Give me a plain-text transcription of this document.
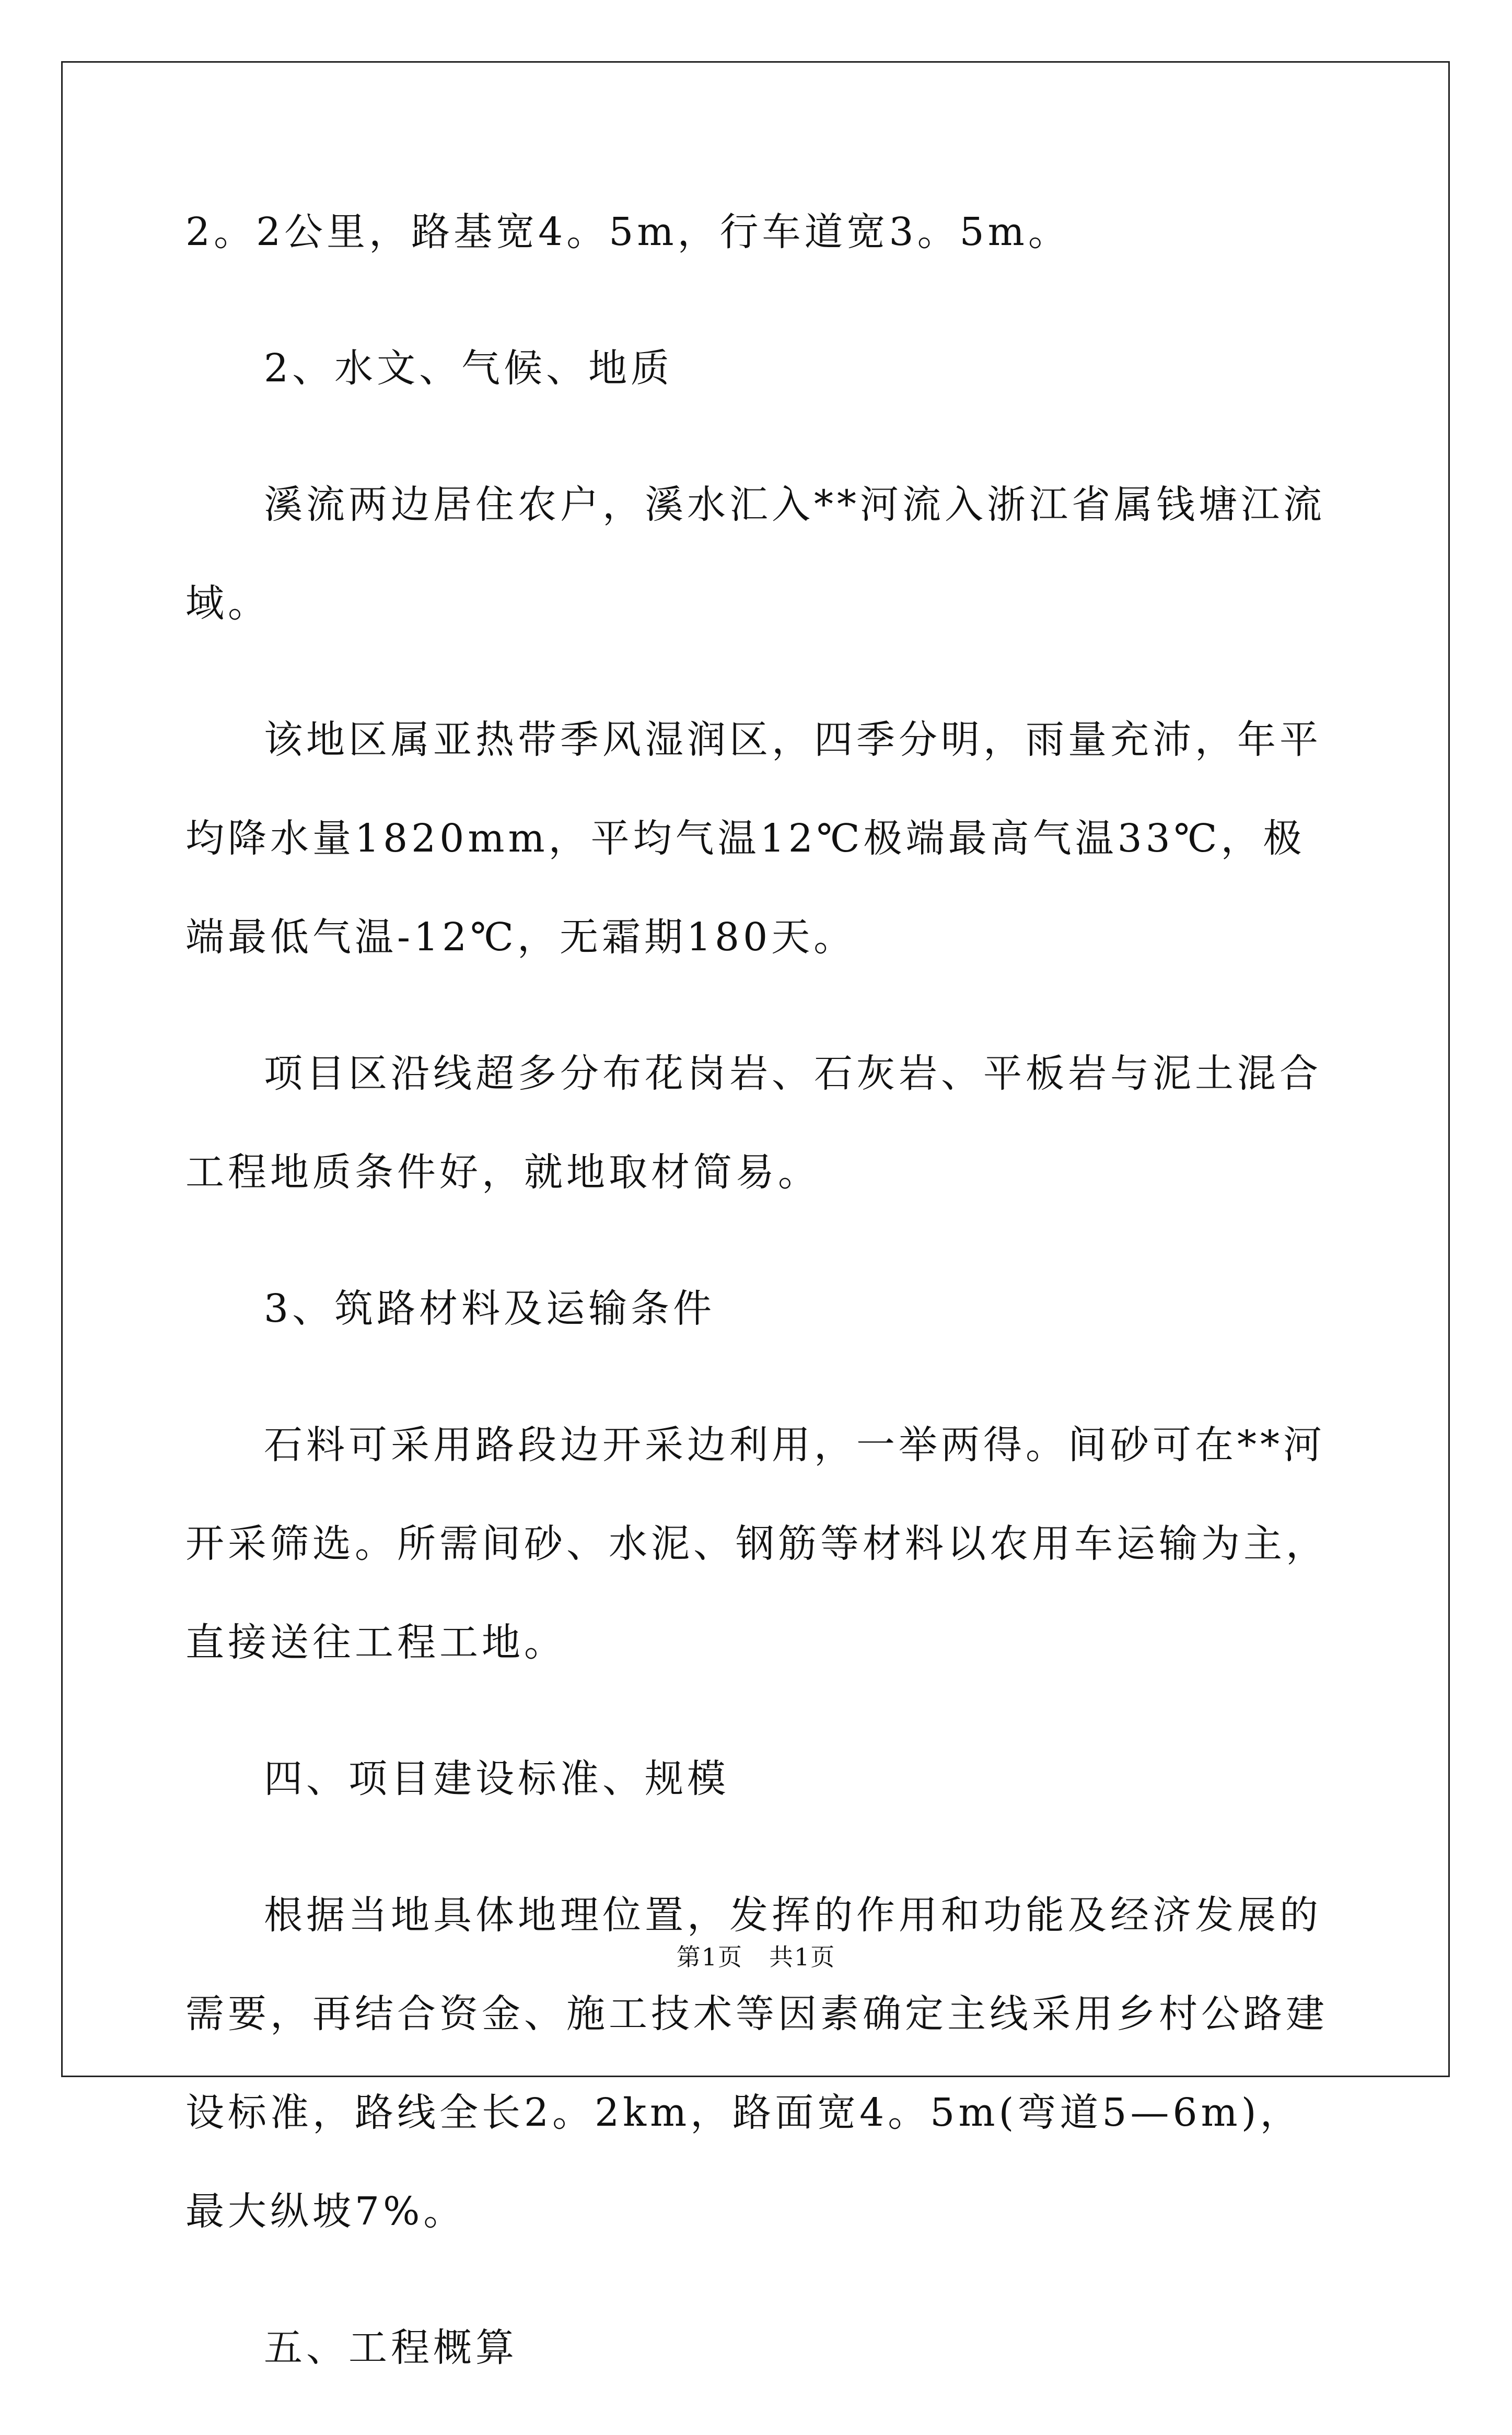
2。2公里，路基宽4。5m，行车道宽3。5m。

2、水文、气候、地质

溪流两边居住农户，溪水汇入**河流入浙江省属钱塘江流域。

该地区属亚热带季风湿润区，四季分明，雨量充沛，年平均降水量1820mm，平均气温12℃极端最高气温33℃，极端最低气温-12℃，无霜期180天。

项目区沿线超多分布花岗岩、石灰岩、平板岩与泥土混合工程地质条件好，就地取材简易。

3、筑路材料及运输条件

石料可采用路段边开采边利用，一举两得。间砂可在**河开采筛选。所需间砂、水泥、钢筋等材料以农用车运输为主，直接送往工程工地。

四、项目建设标准、规模

根据当地具体地理位置，发挥的作用和功能及经济发展的需要，再结合资金、施工技术等因素确定主线采用乡村公路建设标准，路线全长2。2km，路面宽4。5m(弯道5—6m)，最大纵坡7%。

五、工程概算

第1页 共1页
